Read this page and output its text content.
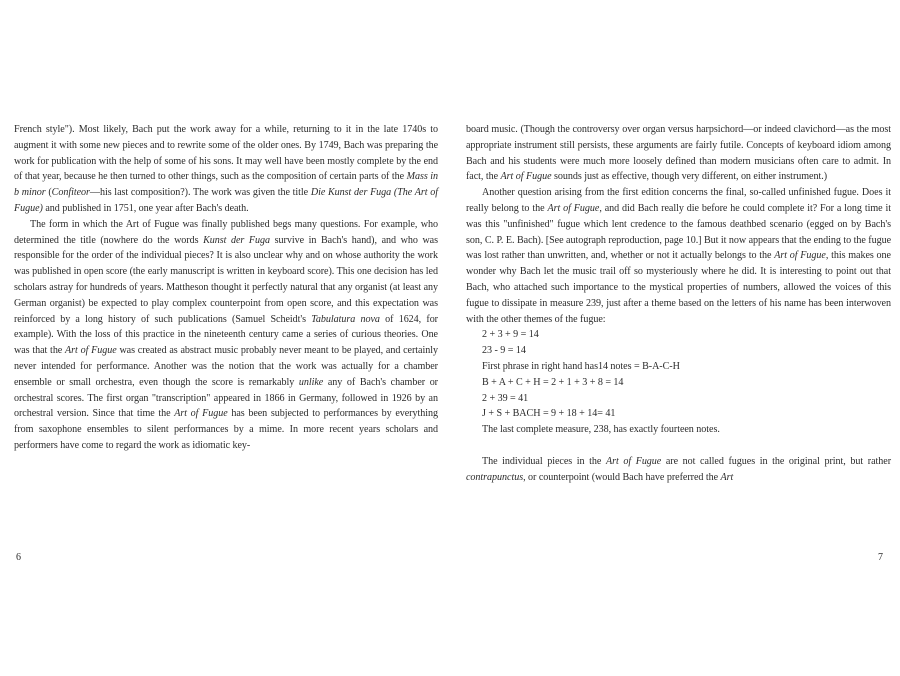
French style"). Most likely, Bach put the work away for a while, returning to it in the late 1740s to augment it with some new pieces and to rewrite some of the older ones. By 1749, Bach was preparing the work for publication with the help of some of his sons. It may well have been mostly complete by the end of that year, because he then turned to other things, such as the composition of certain parts of the Mass in b minor (Confiteor—his last composition?). The work was given the title Die Kunst der Fuga (The Art of Fugue) and published in 1751, one year after Bach's death.

The form in which the Art of Fugue was finally published begs many questions. For example, who determined the title (nowhere do the words Kunst der Fuga survive in Bach's hand), and who was responsible for the order of the individual pieces? It is also unclear why and on whose authority the work was published in open score (the early manuscript is written in keyboard score). This one decision has led scholars astray for hundreds of years. Mattheson thought it perfectly natural that any organist (at least any German organist) be expected to play complex counterpoint from open score, and this expectation was reinforced by a long history of such publications (Samuel Scheidt's Tabulatura nova of 1624, for example). With the loss of this practice in the nineteenth century came a series of curious theories. One was that the Art of Fugue was created as abstract music probably never meant to be played, and certainly never intended for performance. Another was the notion that the work was actually for a chamber ensemble or small orchestra, even though the score is remarkably unlike any of Bach's chamber or orchestral scores. The first organ "transcription" appeared in 1866 in Germany, followed in 1926 by an orchestral version. Since that time the Art of Fugue has been subjected to performances by everything from saxophone ensembles to silent performances by a mime. In more recent years scholars and performers have come to regard the work as idiomatic key-

6

board music. (Though the controversy over organ versus harpsichord—or indeed clavichord—as the most appropriate instrument still persists, these arguments are fairly futile. Concepts of keyboard idiom among Bach and his students were much more loosely defined than modern musicians often care to admit. In fact, the Art of Fugue sounds just as effective, though very different, on either instrument.)

Another question arising from the first edition concerns the final, so-called unfinished fugue. Does it really belong to the Art of Fugue, and did Bach really die before he could complete it? For a long time it was this "unfinished" fugue which lent credence to the famous deathbed scenario (egged on by Bach's son, C. P. E. Bach). [See autograph reproduction, page 10.] But it now appears that the ending to the fugue was lost rather than unwritten, and, whether or not it actually belongs to the Art of Fugue, this makes one wonder why Bach let the music trail off so mysteriously where he did. It is interesting to point out that Bach, who attached such importance to the mystical properties of numbers, allowed the voices of this fugue to dissipate in measure 239, just after a theme based on the letters of his name has been interwoven with the other themes of the fugue:

2 + 3 + 9 = 14
23 - 9 = 14
First phrase in right hand has14 notes = B-A-C-H
B + A + C + H = 2 + 1 + 3 + 8 = 14
2 + 39 = 41
J + S + BACH = 9 + 18 + 14= 41
The last complete measure, 238, has exactly fourteen notes.

The individual pieces in the Art of Fugue are not called fugues in the original print, but rather contrapunctus, or counterpoint (would Bach have preferred the Art

7
